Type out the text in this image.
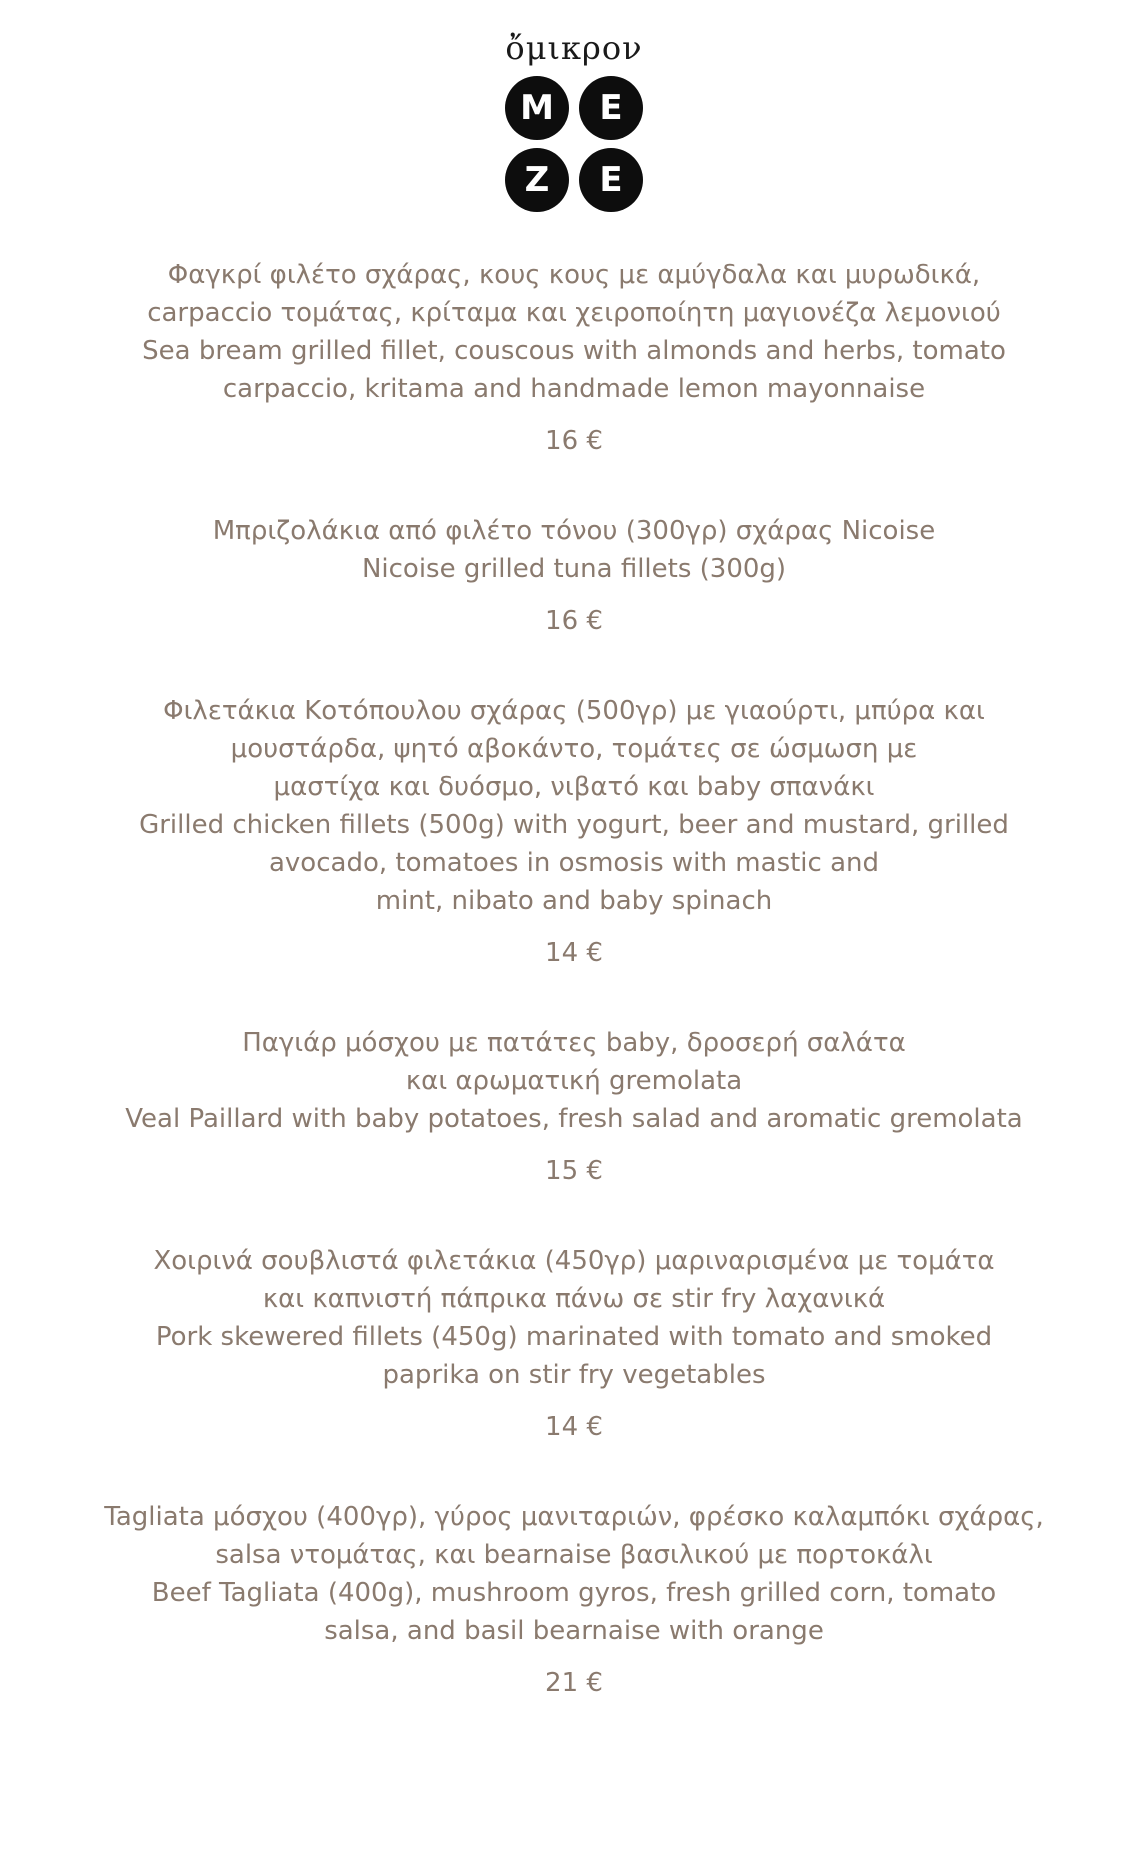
ὄμικρον
M	E
Z	E
Φαγκρί φιλέτο σχάρας, κους κους με αμύγδαλα και μυρωδικά,
carpaccio τομάτας, κρίταμα και χειροποίητη μαγιονέζα λεμονιού
Sea bream grilled fillet, couscous with almonds and herbs, tomato
carpaccio, kritama and handmade lemon mayonnaise
16 €
Μπριζολάκια από φιλέτο τόνου (300γρ) σχάρας Nicoise
Nicoise grilled tuna fillets (300g)
16 €
Φιλετάκια Κοτόπουλου σχάρας (500γρ) με γιαούρτι, μπύρα και
μουστάρδα, ψητό αβοκάντο, τομάτες σε ώσμωση με
μαστίχα και δυόσμο, νιβατό και baby σπανάκι
Grilled chicken fillets (500g) with yogurt, beer and mustard, grilled
avocado, tomatoes in osmosis with mastic and
mint, nibato and baby spinach
14 €
Παγιάρ μόσχου με πατάτες baby, δροσερή σαλάτα
και αρωματική gremolata
Veal Paillard with baby potatoes, fresh salad and aromatic gremolata
15 €
Χοιρινά σουβλιστά φιλετάκια (450γρ) μαριναρισμένα με τομάτα
και καπνιστή πάπρικα πάνω σε stir fry λαχανικά
Pork skewered fillets (450g) marinated with tomato and smoked
paprika on stir fry vegetables
14 €
Tagliata μόσχου (400γρ), γύρος μανιταριών, φρέσκο καλαμπόκι σχάρας,
salsa ντομάτας, και bearnaise βασιλικού με πορτοκάλι
Beef Tagliata (400g), mushroom gyros, fresh grilled corn, tomato
salsa, and basil bearnaise with orange
21 €
